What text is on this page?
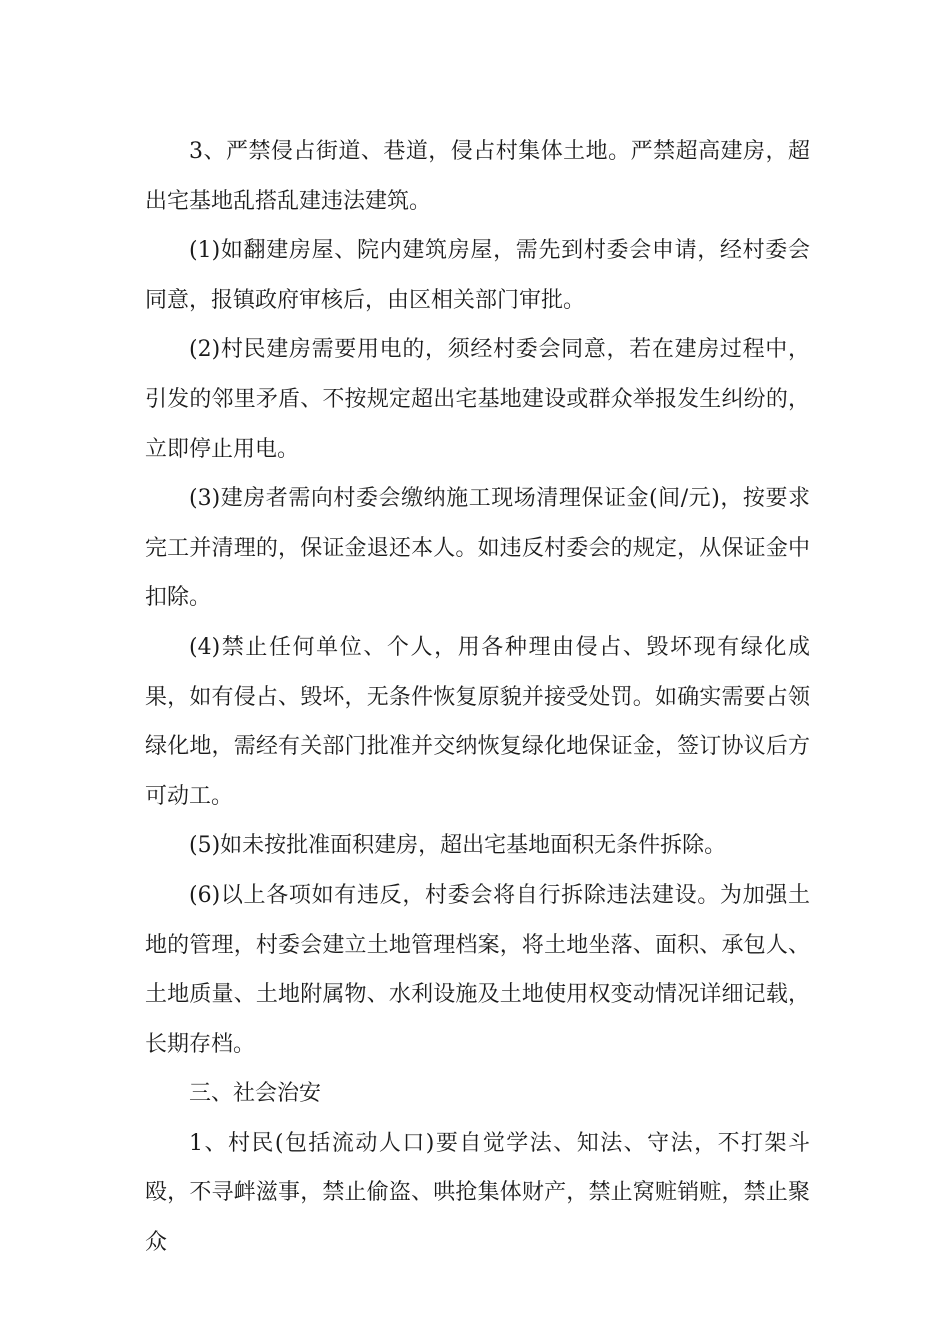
3、严禁侵占街道、巷道，侵占村集体土地。严禁超高建房，超出宅基地乱搭乱建违法建筑。

(1)如翻建房屋、院内建筑房屋，需先到村委会申请，经村委会同意，报镇政府审核后，由区相关部门审批。

(2)村民建房需要用电的，须经村委会同意，若在建房过程中，引发的邻里矛盾、不按规定超出宅基地建设或群众举报发生纠纷的，立即停止用电。

(3)建房者需向村委会缴纳施工现场清理保证金(间/元)，按要求完工并清理的，保证金退还本人。如违反村委会的规定，从保证金中扣除。

(4)禁止任何单位、个人，用各种理由侵占、毁坏现有绿化成果，如有侵占、毁坏，无条件恢复原貌并接受处罚。如确实需要占领绿化地，需经有关部门批准并交纳恢复绿化地保证金，签订协议后方可动工。

(5)如未按批准面积建房，超出宅基地面积无条件拆除。

(6)以上各项如有违反，村委会将自行拆除违法建设。为加强土地的管理，村委会建立土地管理档案，将土地坐落、面积、承包人、土地质量、土地附属物、水利设施及土地使用权变动情况详细记载，长期存档。

三、社会治安

1、村民(包括流动人口)要自觉学法、知法、守法，不打架斗殴，不寻衅滋事，禁止偷盗、哄抢集体财产，禁止窝赃销赃，禁止聚众
